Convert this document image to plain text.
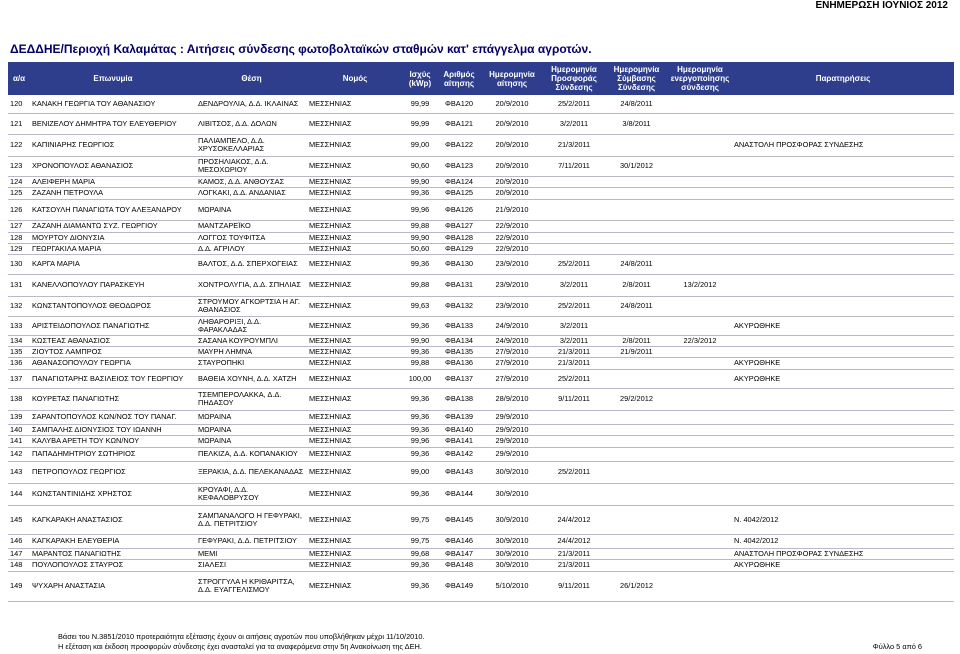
ΕΝΗΜΕΡΩΣΗ ΙΟΥΝΙΟΣ 2012
ΔΕΔΔΗΕ/Περιοχή Καλαμάτας : Αιτήσεις σύνδεσης φωτοβολταϊκών σταθμών κατ' επάγγελμα αγροτών.
α/α	Επωνυμία	Θέση	Νομός	Ισχύς (kWp)	Αριθμός αίτησης	Ημερομηνία αίτησης	Ημερομηνία Προσφοράς Σύνδεσης	Ημερομηνία Σύμβασης Σύνδεσης	Ημερομηνία ενεργοποίησης σύνδεσης	Παρατηρήσεις
120	ΚΑΝΑΚΗ ΓΕΩΡΓΙΑ ΤΟΥ ΑΘΑΝΑΣΙΟΥ	ΔΕΝΔΡΟΥΛΙΑ, Δ.Δ. ΙΚΛΑΙΝΑΣ	ΜΕΣΣΗΝΙΑΣ	99,99	ΦΒΑ120	20/9/2010	25/2/2011	24/8/2011		
121	ΒΕΝΙΖΕΛΟΥ ΔΗΜΗΤΡΑ ΤΟΥ ΕΛΕΥΘΕΡΙΟΥ	ΛΙΒΙΤΣΟΣ, Δ.Δ. ΔΟΛΩΝ	ΜΕΣΣΗΝΙΑΣ	99,99	ΦΒΑ121	20/9/2010	3/2/2011	3/8/2011		
122	ΚΑΠΙΝΙΑΡΗΣ ΓΕΩΡΓΙΟΣ	ΠΑΛΙΑΜΠΕΛΟ, Δ.Δ. ΧΡΥΣΟΚΕΛΛΑΡΙΑΣ	ΜΕΣΣΗΝΙΑΣ	99,00	ΦΒΑ122	20/9/2010	21/3/2011			ΑΝΑΣΤΟΛΗ ΠΡΟΣΦΟΡΑΣ ΣΥΝΔΕΣΗΣ
123	ΧΡΟΝΟΠΟΥΛΟΣ ΑΘΑΝΑΣΙΟΣ	ΠΡΟΣΗΛΙΑΚΟΣ, Δ.Δ. ΜΕΣΟΧΩΡΙΟΥ	ΜΕΣΣΗΝΙΑΣ	90,60	ΦΒΑ123	20/9/2010	7/11/2011	30/1/2012		
124	ΑΛΕΙΦΕΡΗ ΜΑΡΙΑ	ΚΑΜΟΣ, Δ.Δ. ΑΝΘΟΥΣΑΣ	ΜΕΣΣΗΝΙΑΣ	99,90	ΦΒΑ124	20/9/2010				
125	ΖΑΖΑΝΗ ΠΕΤΡΟΥΛΑ	ΛΟΓΚΑΚΙ, Δ.Δ. ΑΝΔΑΝΙΑΣ	ΜΕΣΣΗΝΙΑΣ	99,36	ΦΒΑ125	20/9/2010				
126	ΚΑΤΣΟΥΛΗ ΠΑΝΑΓΙΩΤΑ ΤΟΥ ΑΛΕΞΑΝΔΡΟΥ	ΜΩΡΑΙΝΑ	ΜΕΣΣΗΝΙΑΣ	99,96	ΦΒΑ126	21/9/2010				
127	ΖΑΖΑΝΗ ΔΙΑΜΑΝΤΩ ΣΥΖ. ΓΕΩΡΓΙΟΥ	ΜΑΝΤΖΑΡΕΪΚΟ	ΜΕΣΣΗΝΙΑΣ	99,88	ΦΒΑ127	22/9/2010				
128	ΜΟΥΡΤΟΥ ΔΙΟΝΥΣΙΑ	ΛΟΓΓΟΣ ΤΟΥΦΙΤΣΑ	ΜΕΣΣΗΝΙΑΣ	99,90	ΦΒΑ128	22/9/2010				
129	ΓΕΩΡΓΑΚΙΛΑ ΜΑΡΙΑ	Δ.Δ. ΑΓΡΙΛΟΥ	ΜΕΣΣΗΝΙΑΣ	50,60	ΦΒΑ129	22/9/2010				
130	ΚΑΡΓΑ ΜΑΡΙΑ	ΒΑΛΤΟΣ, Δ.Δ. ΣΠΕΡΧΟΓΕΙΑΣ	ΜΕΣΣΗΝΙΑΣ	99,36	ΦΒΑ130	23/9/2010	25/2/2011	24/8/2011		
131	ΚΑΝΕΛΛΟΠΟΥΛΟΥ ΠΑΡΑΣΚΕΥΗ	ΧΟΝΤΡΟΛΥΓΙΑ, Δ.Δ. ΣΠΗΛΙΑΣ	ΜΕΣΣΗΝΙΑΣ	99,88	ΦΒΑ131	23/9/2010	3/2/2011	2/8/2011	13/2/2012	
132	ΚΩΝΣΤΑΝΤΟΠΟΥΛΟΣ ΘΕΟΔΩΡΟΣ	ΣΤΡΟΥΜΟΥ ΑΓΚΟΡΤΣΙΑ Η ΑΓ. ΑΘΑΝΑΣΙΟΣ	ΜΕΣΣΗΝΙΑΣ	99,63	ΦΒΑ132	23/9/2010	25/2/2011	24/8/2011		
133	ΑΡΙΣΤΕΙΔΟΠΟΥΛΟΣ ΠΑΝΑΓΙΩΤΗΣ	ΛΗΘΑΡΟΡΙΞΙ, Δ.Δ. ΦΑΡΑΚΛΑΔΑΣ	ΜΕΣΣΗΝΙΑΣ	99,36	ΦΒΑ133	24/9/2010	3/2/2011			ΑΚΥΡΩΘΗΚΕ
134	ΚΩΣΤΕΑΣ ΑΘΑΝΑΣΙΟΣ	ΣΑΣΑΝΑ ΚΟΥΡΟΥΜΠΛΙ	ΜΕΣΣΗΝΙΑΣ	99,90	ΦΒΑ134	24/9/2010	3/2/2011	2/8/2011	22/3/2012	
135	ΖΙΟΥΤΟΣ ΛΑΜΠΡΟΣ	ΜΑΥΡΗ ΛΗΜΝΑ	ΜΕΣΣΗΝΙΑΣ	99,36	ΦΒΑ135	27/9/2010	21/3/2011	21/9/2011		
136	ΑΘΑΝΑΣΟΠΟΥΛΟΥ ΓΕΩΡΓΙΑ	ΣΤΑΥΡΟΠΗΚΙ	ΜΕΣΣΗΝΙΑΣ	99,88	ΦΒΑ136	27/9/2010	21/3/2011			ΑΚΥΡΩΘΗΚΕ
137	ΠΑΝΑΓΙΩΤΑΡΗΣ ΒΑΣΙΛΕΙΟΣ ΤΟΥ ΓΕΩΡΓΙΟΥ	ΒΑΘΕΙΑ ΧΟΥΝΗ, Δ.Δ. ΧΑΤΖΗ	ΜΕΣΣΗΝΙΑΣ	100,00	ΦΒΑ137	27/9/2010	25/2/2011			ΑΚΥΡΩΘΗΚΕ
138	ΚΟΥΡΕΤΑΣ ΠΑΝΑΓΙΩΤΗΣ	ΤΣΕΜΠΕΡΟΛΑΚΚΑ, Δ.Δ. ΠΗΔΑΣΟΥ	ΜΕΣΣΗΝΙΑΣ	99,36	ΦΒΑ138	28/9/2010	9/11/2011	29/2/2012		
139	ΣΑΡΑΝΤΟΠΟΥΛΟΣ ΚΩΝ/ΝΟΣ ΤΟΥ ΠΑΝΑΓ.	ΜΩΡΑΙΝΑ	ΜΕΣΣΗΝΙΑΣ	99,36	ΦΒΑ139	29/9/2010				
140	ΣΑΜΠΑΛΗΣ ΔΙΟΝΥΣΙΟΣ ΤΟΥ ΙΩΑΝΝΗ	ΜΩΡΑΙΝΑ	ΜΕΣΣΗΝΙΑΣ	99,36	ΦΒΑ140	29/9/2010				
141	ΚΑΛΥΒΑ ΑΡΕΤΗ ΤΟΥ ΚΩΝ/ΝΟΥ	ΜΩΡΑΙΝΑ	ΜΕΣΣΗΝΙΑΣ	99,96	ΦΒΑ141	29/9/2010				
142	ΠΑΠΑΔΗΜΗΤΡΙΟΥ ΣΩΤΗΡΙΟΣ	ΠΕΛΚΙΖΑ, Δ.Δ. ΚΟΠΑΝΑΚΙΟΥ	ΜΕΣΣΗΝΙΑΣ	99,36	ΦΒΑ142	29/9/2010				
143	ΠΕΤΡΟΠΟΥΛΟΣ ΓΕΩΡΓΙΟΣ	ΞΕΡΑΚΙΑ, Δ.Δ. ΠΕΛΕΚΑΝΑΔΑΣ	ΜΕΣΣΗΝΙΑΣ	99,00	ΦΒΑ143	30/9/2010	25/2/2011			
144	ΚΩΝΣΤΑΝΤΙΝΙΔΗΣ ΧΡΗΣΤΟΣ	ΚΡΟΥΑΦΙ, Δ.Δ. ΚΕΦΑΛΟΒΡΥΣΟΥ	ΜΕΣΣΗΝΙΑΣ	99,36	ΦΒΑ144	30/9/2010				
145	ΚΑΓΚΑΡΑΚΗ ΑΝΑΣΤΑΣΙΟΣ	ΣΑΜΠΑΝΑΛΟΓΟ Η ΓΕΦΥΡΑΚΙ, Δ.Δ. ΠΕΤΡΙΤΣΙΟΥ	ΜΕΣΣΗΝΙΑΣ	99,75	ΦΒΑ145	30/9/2010	24/4/2012			Ν. 4042/2012
146	ΚΑΓΚΑΡΑΚΗ ΕΛΕΥΘΕΡΙΑ	ΓΕΦΥΡΑΚΙ, Δ.Δ. ΠΕΤΡΙΤΣΙΟΥ	ΜΕΣΣΗΝΙΑΣ	99,75	ΦΒΑ146	30/9/2010	24/4/2012			Ν. 4042/2012
147	ΜΑΡΑΝΤΟΣ ΠΑΝΑΓΙΩΤΗΣ	ΜΕΜΙ	ΜΕΣΣΗΝΙΑΣ	99,68	ΦΒΑ147	30/9/2010	21/3/2011			ΑΝΑΣΤΟΛΗ ΠΡΟΣΦΟΡΑΣ ΣΥΝΔΕΣΗΣ
148	ΠΟΥΛΟΠΟΥΛΟΣ ΣΤΑΥΡΟΣ	ΣΙΑΛΕΣΙ	ΜΕΣΣΗΝΙΑΣ	99,36	ΦΒΑ148	30/9/2010	21/3/2011			ΑΚΥΡΩΘΗΚΕ
149	ΨΥΧΑΡΗ ΑΝΑΣΤΑΣΙΑ	ΣΤΡΟΓΓΥΛΑ Η ΚΡΙΘΑΡΙΤΣΑ, Δ.Δ. ΕΥΑΓΓΕΛΙΣΜΟΥ	ΜΕΣΣΗΝΙΑΣ	99,36	ΦΒΑ149	5/10/2010	9/11/2011	26/1/2012		
Βάσει του Ν.3851/2010 προτεραιότητα εξέτασης έχουν οι αιτήσεις αγροτών που υποβλήθηκαν μέχρι 11/10/2010.
Η εξέταση και έκδοση προσφορών σύνδεσης έχει ανασταλεί για τα αναφερόμενα στην 5η Ανακοίνωση της ΔΕΗ.	Φύλλο 5 από 6
